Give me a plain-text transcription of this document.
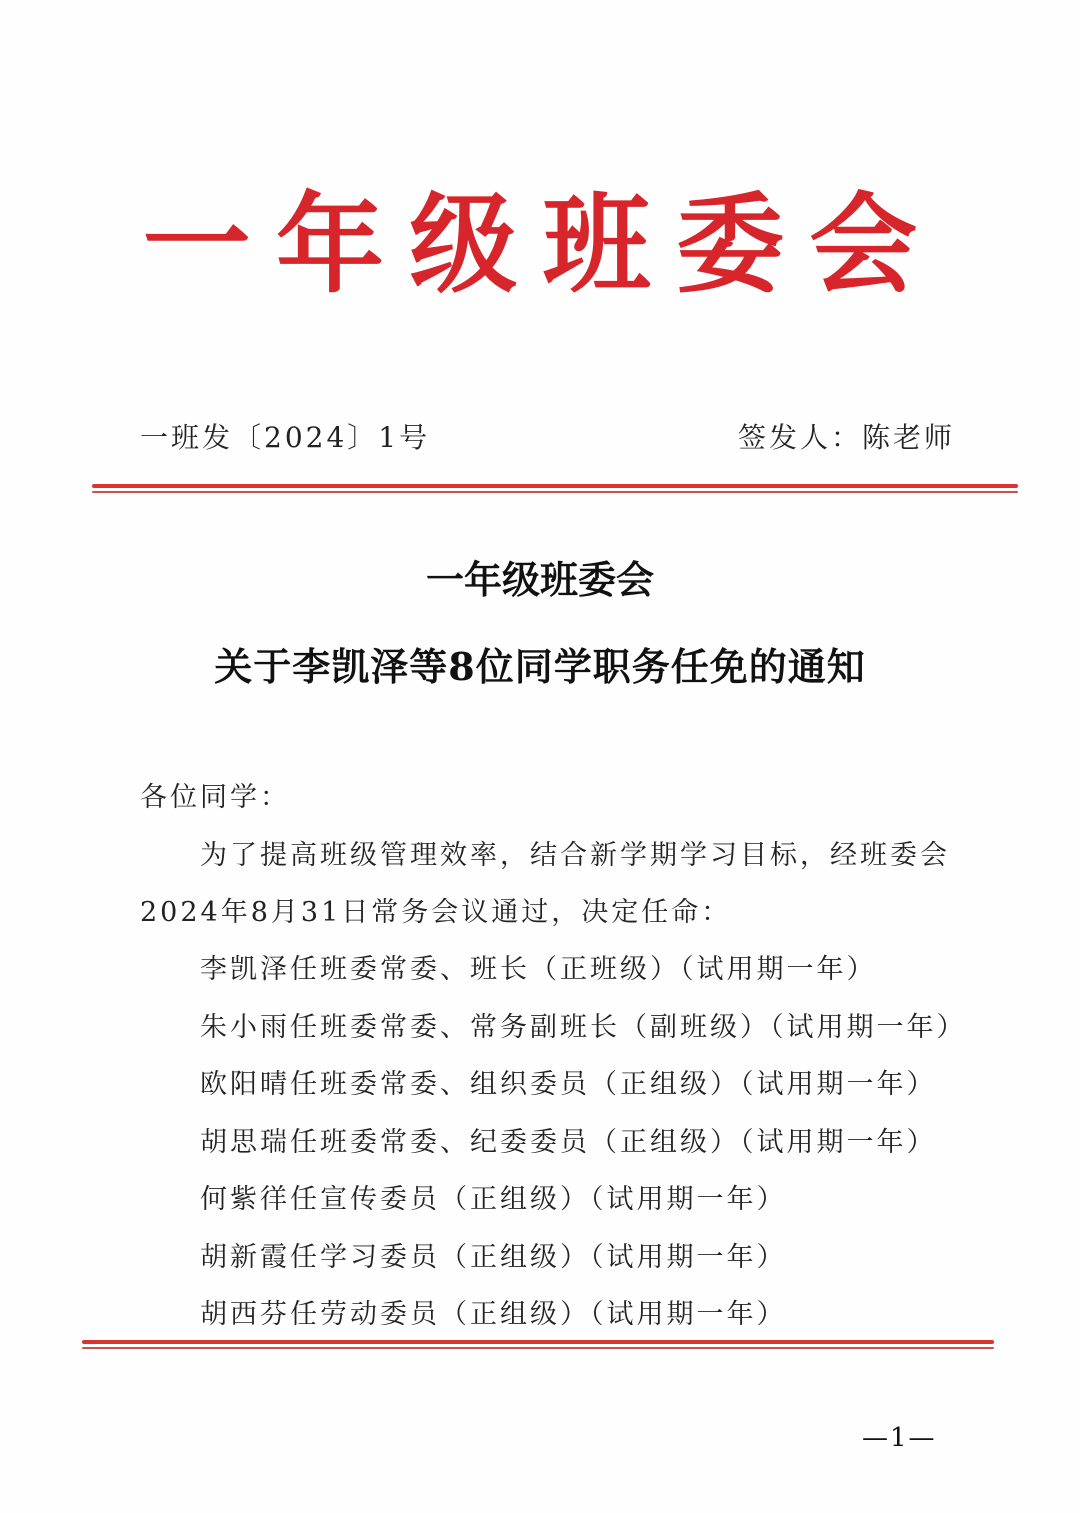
一 年 级 班 委 会
一班发〔2024〕1号	签发人：陈老师
一年级班委会
关于李凯泽等8位同学职务任免的通知
各位同学：
为了提高班级管理效率，结合新学期学习目标，经班委会
2024年8月31日常务会议通过，决定任命：
李凯泽任班委常委、班长（正班级）（试用期一年）
朱小雨任班委常委、常务副班长（副班级）（试用期一年）
欧阳晴任班委常委、组织委员（正组级）（试用期一年）
胡思瑞任班委常委、纪委委员（正组级）（试用期一年）
何紫徉任宣传委员（正组级）（试用期一年）
胡新霞任学习委员（正组级）（试用期一年）
胡西芬任劳动委员（正组级）（试用期一年）
—1—
